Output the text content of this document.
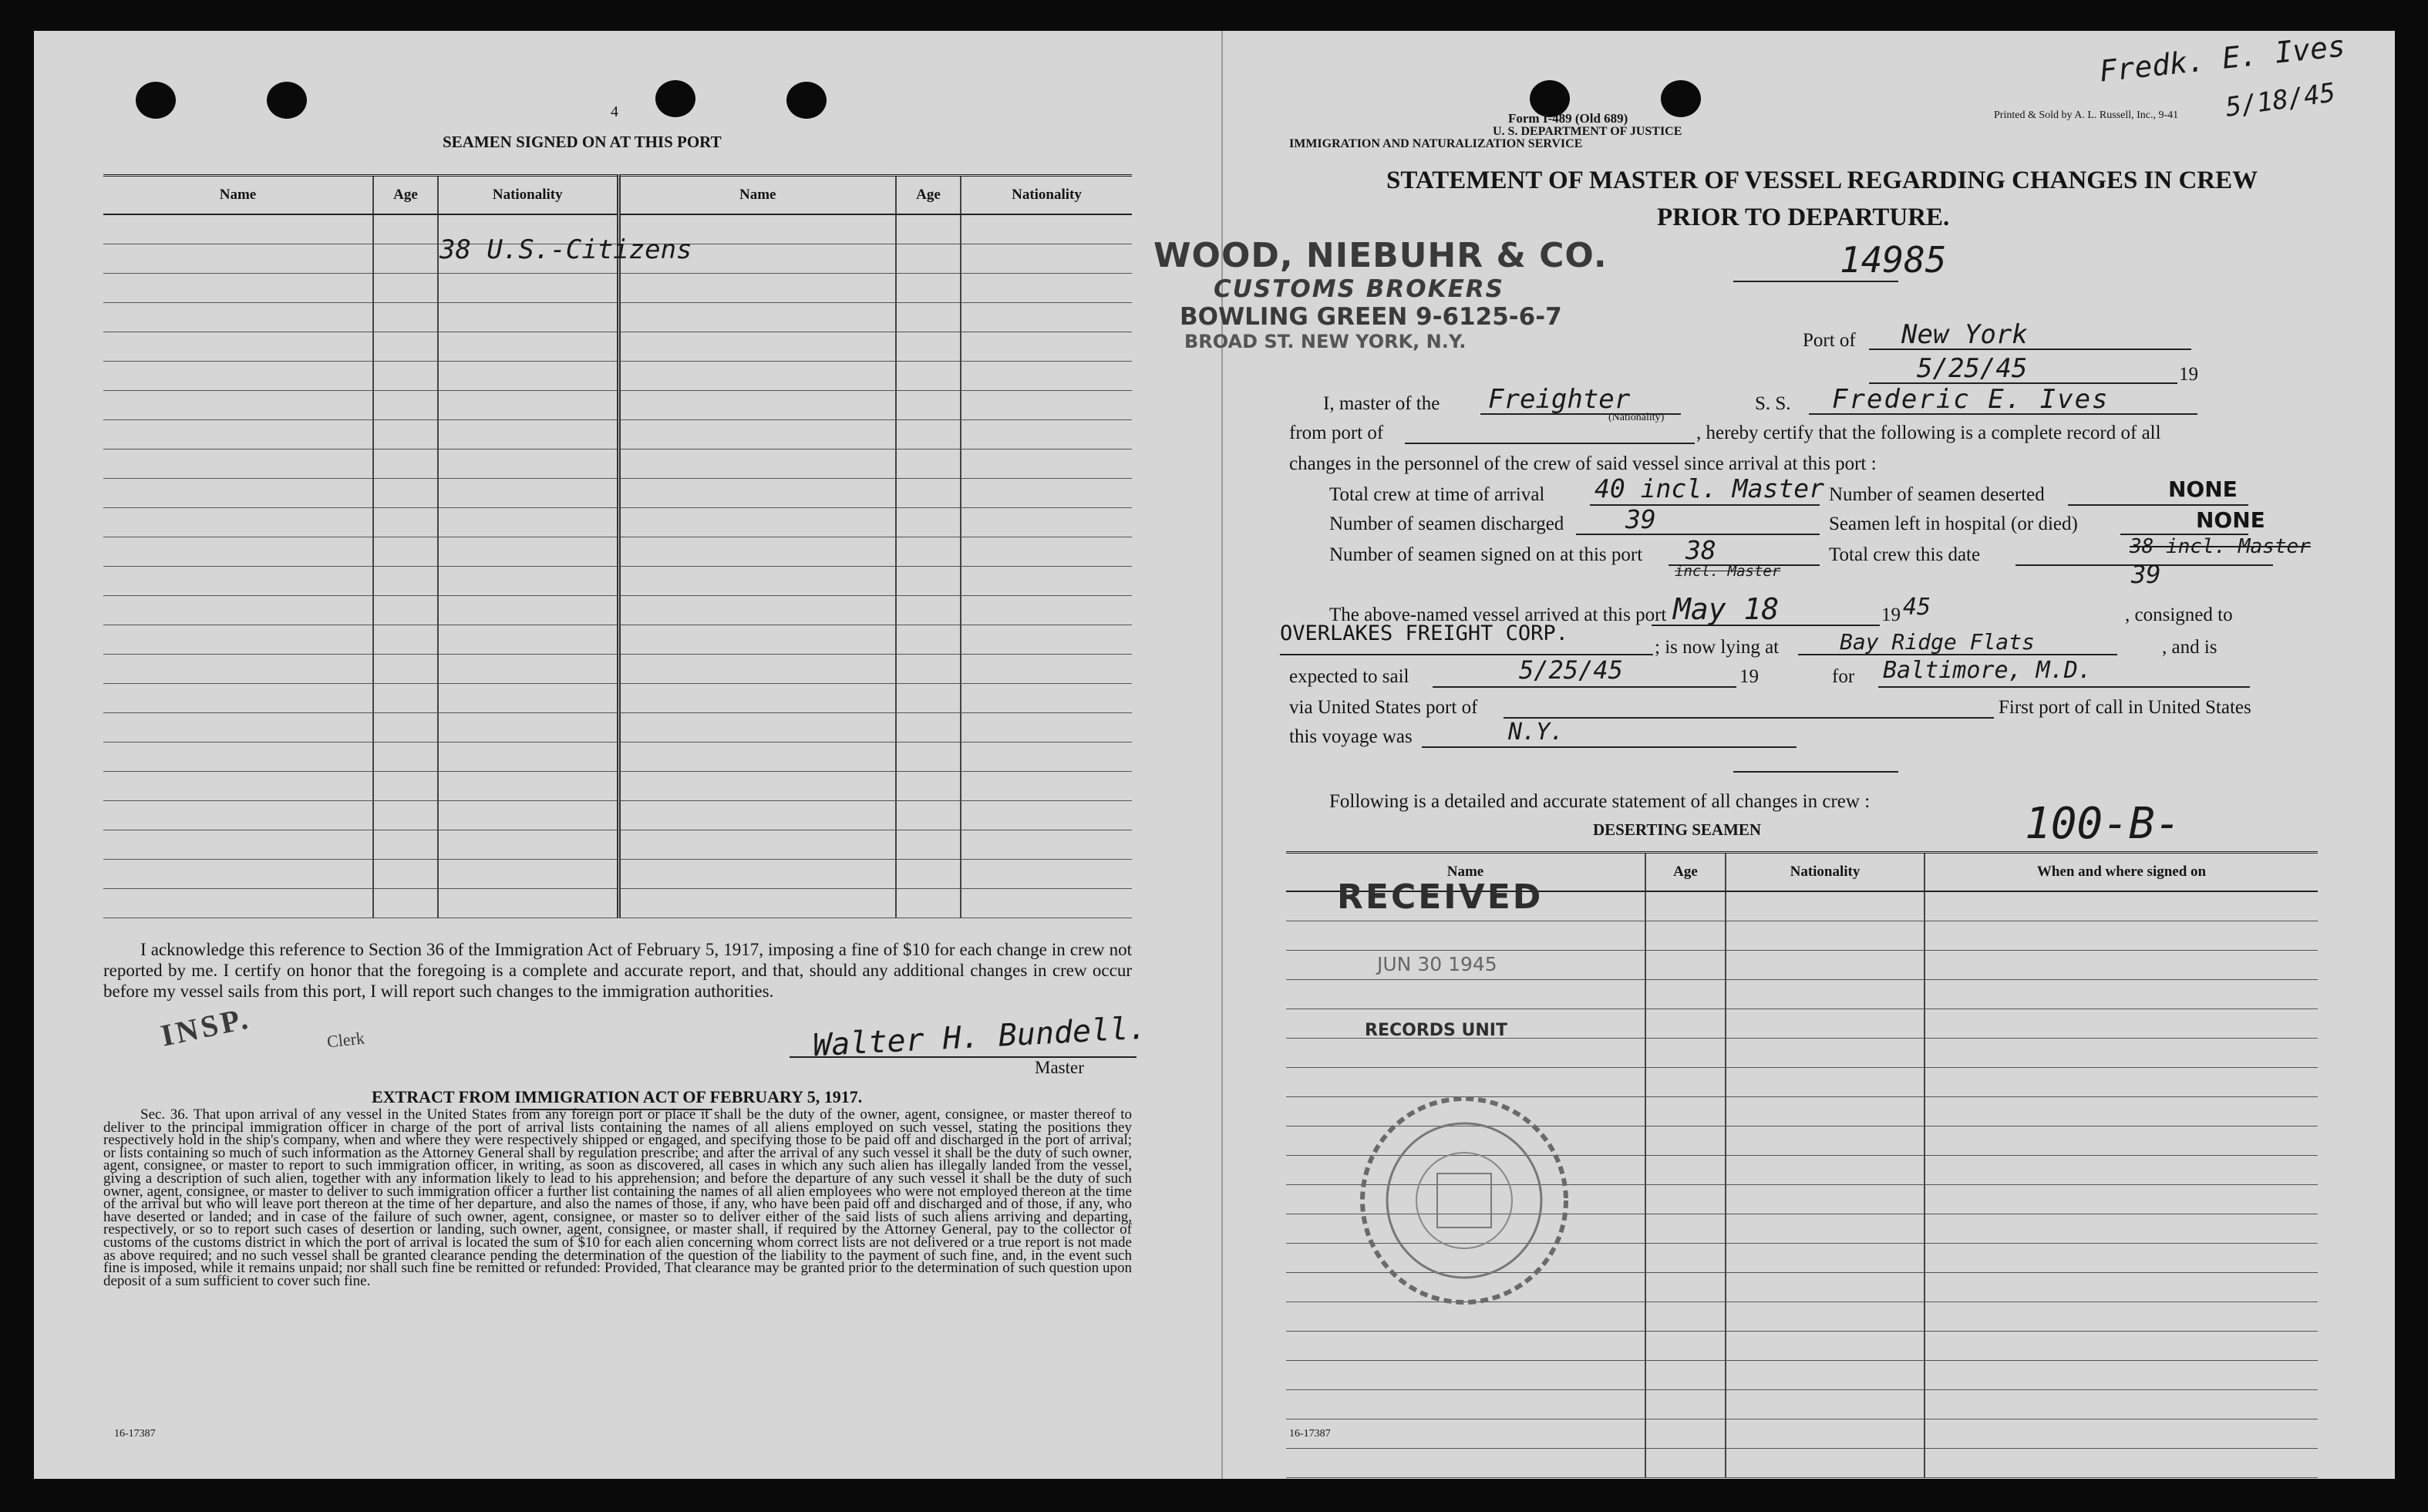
4
SEAMEN SIGNED ON AT THIS PORT
Name	Age	Nationality	Name	Age	Nationality

38 U.S.-Citizens
I acknowledge this reference to Section 36 of the Immigration Act of February 5, 1917, imposing a fine of $10 for each change in crew not reported by me. I certify on honor that the foregoing is a complete and accurate report, and that, should any additional changes in crew occur before my vessel sails from this port, I will report such changes to the immigration authorities.
INSP.	Clerk	Walter H. Bundell.
Master
EXTRACT FROM IMMIGRATION ACT OF FEBRUARY 5, 1917.
Sec. 36. That upon arrival of any vessel in the United States from any foreign port or place it shall be the duty of the owner, agent, consignee, or master thereof to deliver to the principal immigration officer in charge of the port of arrival lists containing the names of all aliens employed on such vessel, stating the positions they respectively hold in the ship's company, when and where they were respectively shipped or engaged, and specifying those to be paid off and discharged in the port of arrival; or lists containing so much of such information as the Attorney General shall by regulation prescribe; and after the arrival of any such vessel it shall be the duty of such owner, agent, consignee, or master to report to such immigration officer, in writing, as soon as discovered, all cases in which any such alien has illegally landed from the vessel, giving a description of such alien, together with any information likely to lead to his apprehension; and before the departure of any such vessel it shall be the duty of such owner, agent, consignee, or master to deliver to such immigration officer a further list containing the names of all alien employees who were not employed thereon at the time of the arrival but who will leave port thereon at the time of her departure, and also the names of those, if any, who have been paid off and discharged and of those, if any, who have deserted or landed; and in case of the failure of such owner, agent, consignee, or master so to deliver either of the said lists of such aliens arriving and departing, respectively, or so to report such cases of desertion or landing, such owner, agent, consignee, or master shall, if required by the Attorney General, pay to the collector of customs of the customs district in which the port of arrival is located the sum of $10 for each alien concerning whom correct lists are not delivered or a true report is not made as above required; and no such vessel shall be granted clearance pending the determination of the question of the liability to the payment of such fine, and, in the event such fine is imposed, while it remains unpaid; nor shall such fine be remitted or refunded: Provided, That clearance may be granted prior to the determination of such question upon deposit of a sum sufficient to cover such fine.
16-17387
Fredk. E. Ives
5/18/45
Form I-489 (Old 689)
U. S. DEPARTMENT OF JUSTICE
IMMIGRATION AND NATURALIZATION SERVICE
Printed & Sold by A. L. Russell, Inc., 9-41
STATEMENT OF MASTER OF VESSEL REGARDING CHANGES IN CREW
PRIOR TO DEPARTURE.
14985
WOOD, NIEBUHR & CO.
CUSTOMS BROKERS
BOWLING GREEN 9-6125-6-7
BROAD ST. NEW YORK, N.Y.	Port of New York
5/25/45	19
I, master of the Freighter
(Nationality)
S. S. Frederic E. Ives
from port of	, hereby certify that the following is a complete record of all
changes in the personnel of the crew of said vessel since arrival at this port :
Total crew at time of arrival 40 incl. Master
Number of seamen discharged 39
Number of seamen signed on at this port 38
incl. Master
Number of seamen deserted	NONE
Seamen left in hospital (or died)	NONE
Total crew this date	38 incl. Master
39
The above-named vessel arrived at this port May 18	19 45	, consigned to
OVERLAKES FREIGHT CORP.
; is now lying at	Bay Ridge Flats	, and is
expected to sail	5/25/45	19	for Baltimore, M.D.
via United States port of	First port of call in United States
this voyage was	N.Y.
Following is a detailed and accurate statement of all changes in crew :	100-B-
DESERTING SEAMEN
Name	Age	Nationality	When and where signed on

RECEIVED
JUN 30 1945
RECORDS UNIT
16-17387
